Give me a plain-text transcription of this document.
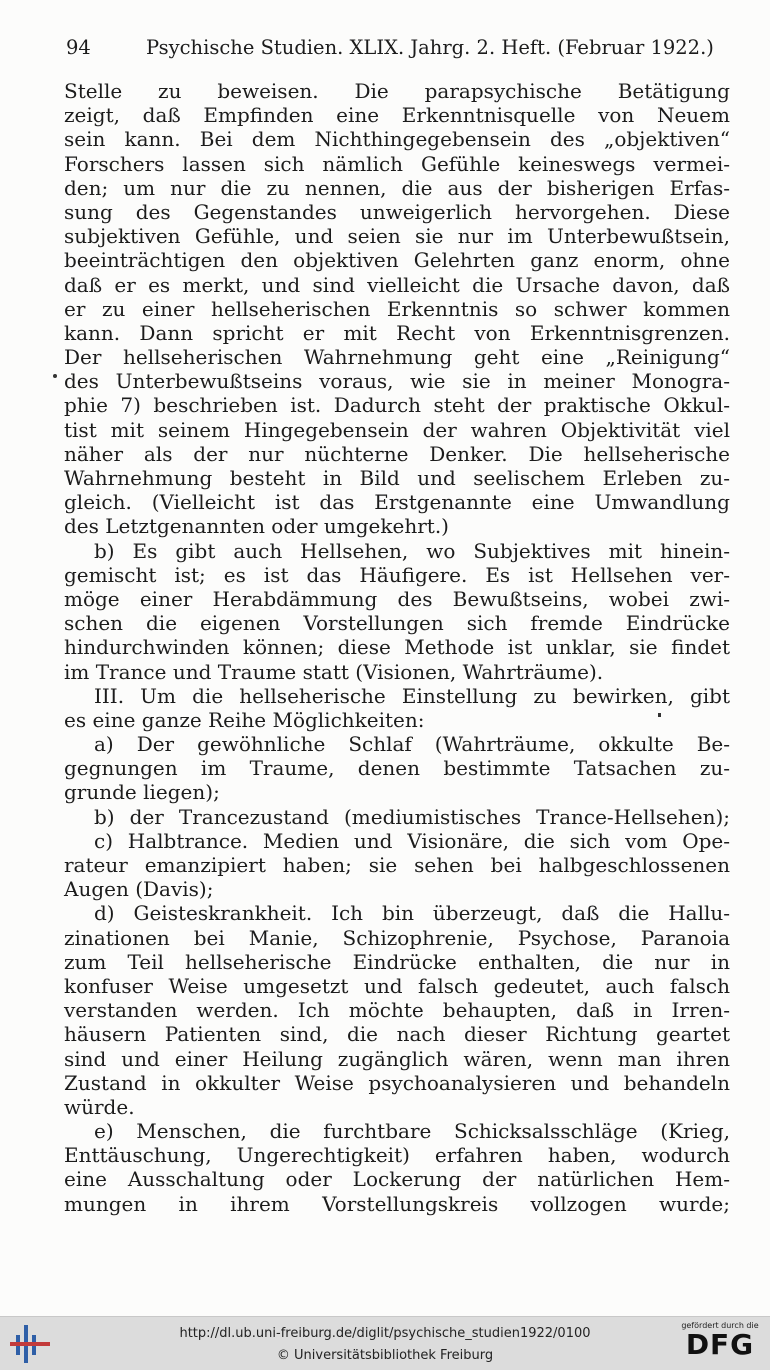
94	Psychische Studien. XLIX. Jahrg. 2. Heft. (Februar 1922.)
Stelle zu beweisen. Die parapsychische Betätigung
zeigt, daß Empfinden eine Erkenntnisquelle von Neuem
sein kann. Bei dem Nichthingegebensein des „objektiven“
Forschers lassen sich nämlich Gefühle keineswegs vermei-
den; um nur die zu nennen, die aus der bisherigen Erfas-
sung des Gegenstandes unweigerlich hervorgehen. Diese
subjektiven Gefühle, und seien sie nur im Unterbewußtsein,
beeinträchtigen den objektiven Gelehrten ganz enorm, ohne
daß er es merkt, und sind vielleicht die Ursache davon, daß
er zu einer hellseherischen Erkenntnis so schwer kommen
kann. Dann spricht er mit Recht von Erkenntnisgrenzen.
Der hellseherischen Wahrnehmung geht eine „Reinigung“
des Unterbewußtseins voraus, wie sie in meiner Monogra-
phie 7) beschrieben ist. Dadurch steht der praktische Okkul-
tist mit seinem Hingegebensein der wahren Objektivität viel
näher als der nur nüchterne Denker. Die hellseherische
Wahrnehmung besteht in Bild und seelischem Erleben zu-
gleich. (Vielleicht ist das Erstgenannte eine Umwandlung
des Letztgenannten oder umgekehrt.)
b) Es gibt auch Hellsehen, wo Subjektives mit hinein-
gemischt ist; es ist das Häufigere. Es ist Hellsehen ver-
möge einer Herabdämmung des Bewußtseins, wobei zwi-
schen die eigenen Vorstellungen sich fremde Eindrücke
hindurchwinden können; diese Methode ist unklar, sie findet
im Trance und Traume statt (Visionen, Wahrträume).
III. Um die hellseherische Einstellung zu bewirken, gibt
es eine ganze Reihe Möglichkeiten:
a) Der gewöhnliche Schlaf (Wahrträume, okkulte Be-
gegnungen im Traume, denen bestimmte Tatsachen zu-
grunde liegen);
b) der Trancezustand (mediumistisches Trance-Hellsehen);
c) Halbtrance. Medien und Visionäre, die sich vom Ope-
rateur emanzipiert haben; sie sehen bei halbgeschlossenen
Augen (Davis);
d) Geisteskrankheit. Ich bin überzeugt, daß die Hallu-
zinationen bei Manie, Schizophrenie, Psychose, Paranoia
zum Teil hellseherische Eindrücke enthalten, die nur in
konfuser Weise umgesetzt und falsch gedeutet, auch falsch
verstanden werden. Ich möchte behaupten, daß in Irren-
häusern Patienten sind, die nach dieser Richtung geartet
sind und einer Heilung zugänglich wären, wenn man ihren
Zustand in okkulter Weise psychoanalysieren und behandeln
würde.
e) Menschen, die furchtbare Schicksalsschläge (Krieg,
Enttäuschung, Ungerechtigkeit) erfahren haben, wodurch
eine Ausschaltung oder Lockerung der natürlichen Hem-
mungen in ihrem Vorstellungskreis vollzogen wurde;
http://dl.ub.uni-freiburg.de/diglit/psychische_studien1922/0100
© Universitätsbibliothek Freiburg
gefördert durch die
DFG
